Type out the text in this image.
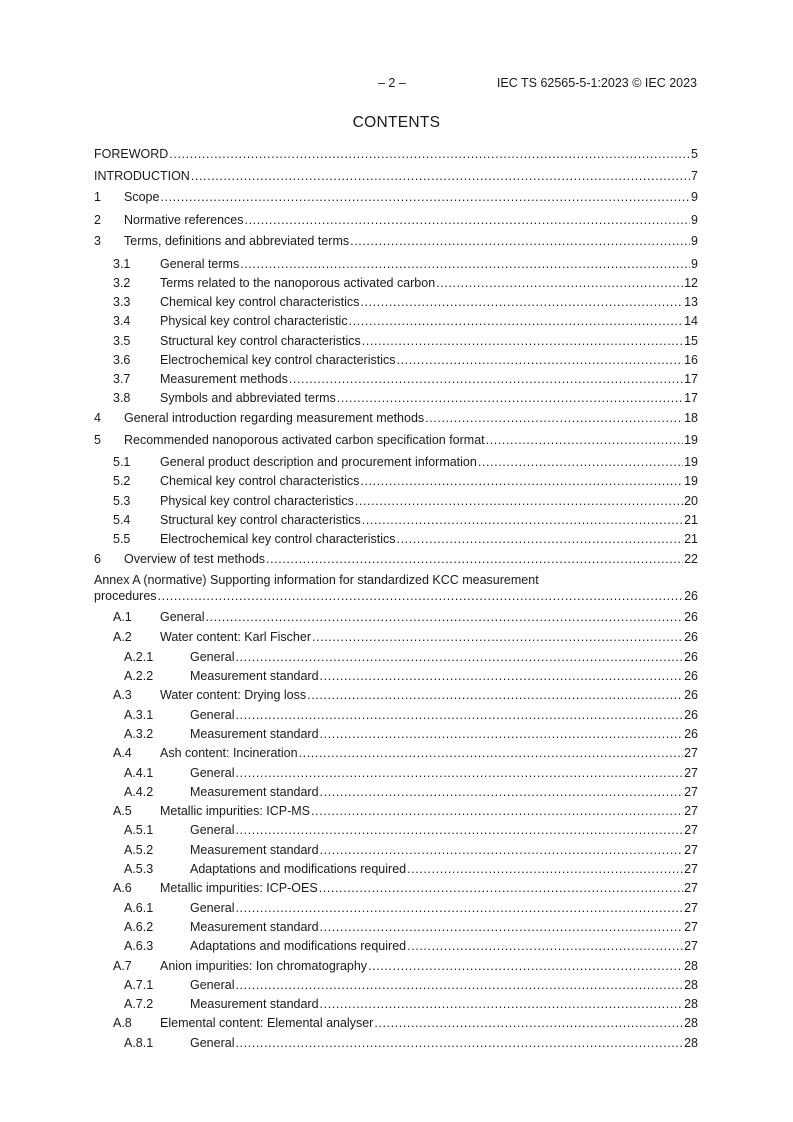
– 2 –	IEC TS 62565-5-1:2023 © IEC 2023
CONTENTS
FOREWORD .....	5
INTRODUCTION .....	7
1	Scope .....	9
2	Normative references .....	9
3	Terms, definitions and abbreviated terms .....	9
3.1	General terms .....	9
3.2	Terms related to the nanoporous activated carbon .....	12
3.3	Chemical key control characteristics .....	13
3.4	Physical key control characteristic .....	14
3.5	Structural key control characteristics .....	15
3.6	Electrochemical key control characteristics .....	16
3.7	Measurement methods .....	17
3.8	Symbols and abbreviated terms .....	17
4	General introduction regarding measurement methods .....	18
5	Recommended nanoporous activated carbon specification format .....	19
5.1	General product description and procurement information .....	19
5.2	Chemical key control characteristics .....	19
5.3	Physical key control characteristics .....	20
5.4	Structural key control characteristics .....	21
5.5	Electrochemical key control characteristics .....	21
6	Overview of test methods .....	22
Annex A (normative) Supporting information for standardized KCC measurement
procedures .....	26
A.1	General .....	26
A.2	Water content: Karl Fischer .....	26
A.2.1	General .....	26
A.2.2	Measurement standard .....	26
A.3	Water content: Drying loss .....	26
A.3.1	General .....	26
A.3.2	Measurement standard .....	26
A.4	Ash content: Incineration .....	27
A.4.1	General .....	27
A.4.2	Measurement standard .....	27
A.5	Metallic impurities: ICP-MS .....	27
A.5.1	General .....	27
A.5.2	Measurement standard .....	27
A.5.3	Adaptations and modifications required .....	27
A.6	Metallic impurities: ICP-OES .....	27
A.6.1	General .....	27
A.6.2	Measurement standard .....	27
A.6.3	Adaptations and modifications required .....	27
A.7	Anion impurities: Ion chromatography .....	28
A.7.1	General .....	28
A.7.2	Measurement standard .....	28
A.8	Elemental content: Elemental analyser .....	28
A.8.1	General .....	28
